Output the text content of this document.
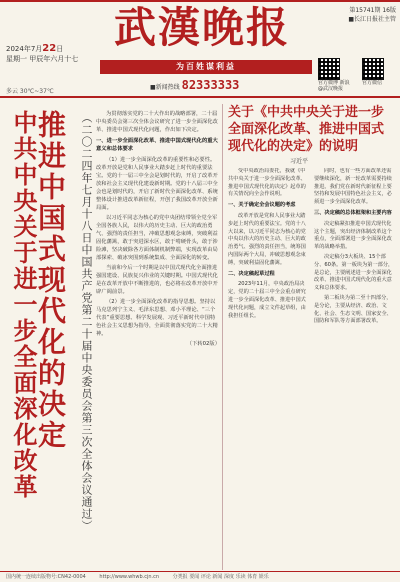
2024年7月22日
星期一 甲辰年六月十七
多云 30℃~37℃
武漢晚报
为百姓谋利益
■新闻热线 82333333
第15741期 16版
■长江日报社主管
官方微博 新浪@武汉晚报
官方微信
中共中央关于进一步全面深化改革
推进中国式现代化的决定	（二〇二四年七月十八日中国共产党第二十届中央委员会第三次全体会议通过）	为贯彻落实党的二十大作出的战略部署，二十届中央委员会第三次全体会议研究了进一步全面深化改革、推进中国式现代化问题，作出如下决定。

一、进一步全面深化改革、推进中国式现代化的重大意义和总体要求

（1）进一步全面深化改革的重要性和必要性。改革开放是党和人民事业大踏步赶上时代的重要法宝。党的十一届三中全会是划时代的，开启了改革开放和社会主义现代化建设新时期。党的十八届三中全会也是划时代的，开启了新时代全面深化改革、系统整体设计推进改革新征程，开创了我国改革开放全新局面。

以习近平同志为核心的党中央团结带领全党全军全国各族人民，以伟大的历史主动、巨大的政治勇气、强烈的责任担当，冲破思想观念束缚，突破利益固化藩篱，敢于突进深水区，敢于啃硬骨头，敢于涉险滩，坚决破除各方面体制机制弊端，实现改革由局部探索、破冰突围到系统集成、全面深化的转变。

当前和今后一个时期是以中国式现代化全面推进强国建设、民族复兴伟业的关键时期。中国式现代化是在改革开放中不断推进的，也必将在改革开放中开辟广阔前景。

（2）进一步全面深化改革的指导思想。坚持以马克思列宁主义、毛泽东思想、邓小平理论、“三个代表”重要思想、科学发展观、习近平新时代中国特色社会主义思想为指导，全面贯彻落实党的二十大精神。

（下转02版）

关于《中共中央关于进一步全面深化改革、推进中国式现代化的决定》的说明
习近平

受中央政治局委托，我就《中共中央关于进一步全面深化改革、推进中国式现代化的决定》起草的有关情况向全会作说明。

一、关于确定全会议题的考虑

改革开放是党和人民事业大踏步赶上时代的重要法宝。党的十八大以来，以习近平同志为核心的党中央以伟大的历史主动、巨大的政治勇气、强烈的责任担当，统筹国内国际两个大局，冲破思想观念束缚，突破利益固化藩篱。

二、决定稿起草过程

2023年11月，中央政治局决定，党的二十届三中全会重点研究进一步全面深化改革、推进中国式现代化问题，成立文件起草组，由我担任组长。

同时，也有一些方面改革还需要继续深化，新一轮改革需要持续推进。我们党在新时代新征程上要坚持和发展中国特色社会主义，必须进一步全面深化改革。

三、决定稿的总体框架和主要内容

决定稿紧扣推进中国式现代化这个主题，突出经济体制改革这个重点，全面部署进一步全面深化改革的战略举措。

决定稿分3大板块、15个部分、60条。第一板块为第一部分，是总论，主要阐述进一步全面深化改革、推进中国式现代化的重大意义和总体要求。

第二板块为第二至十四部分，是分论，主要从经济、政治、文化、社会、生态文明、国家安全、国防和军队等方面部署改革。

国内统一连续出版物号:CN42-0004	http://www.whwb.cjn.cn	分类报 要闻 评论 新闻 深度 乐读 体育 娱乐
